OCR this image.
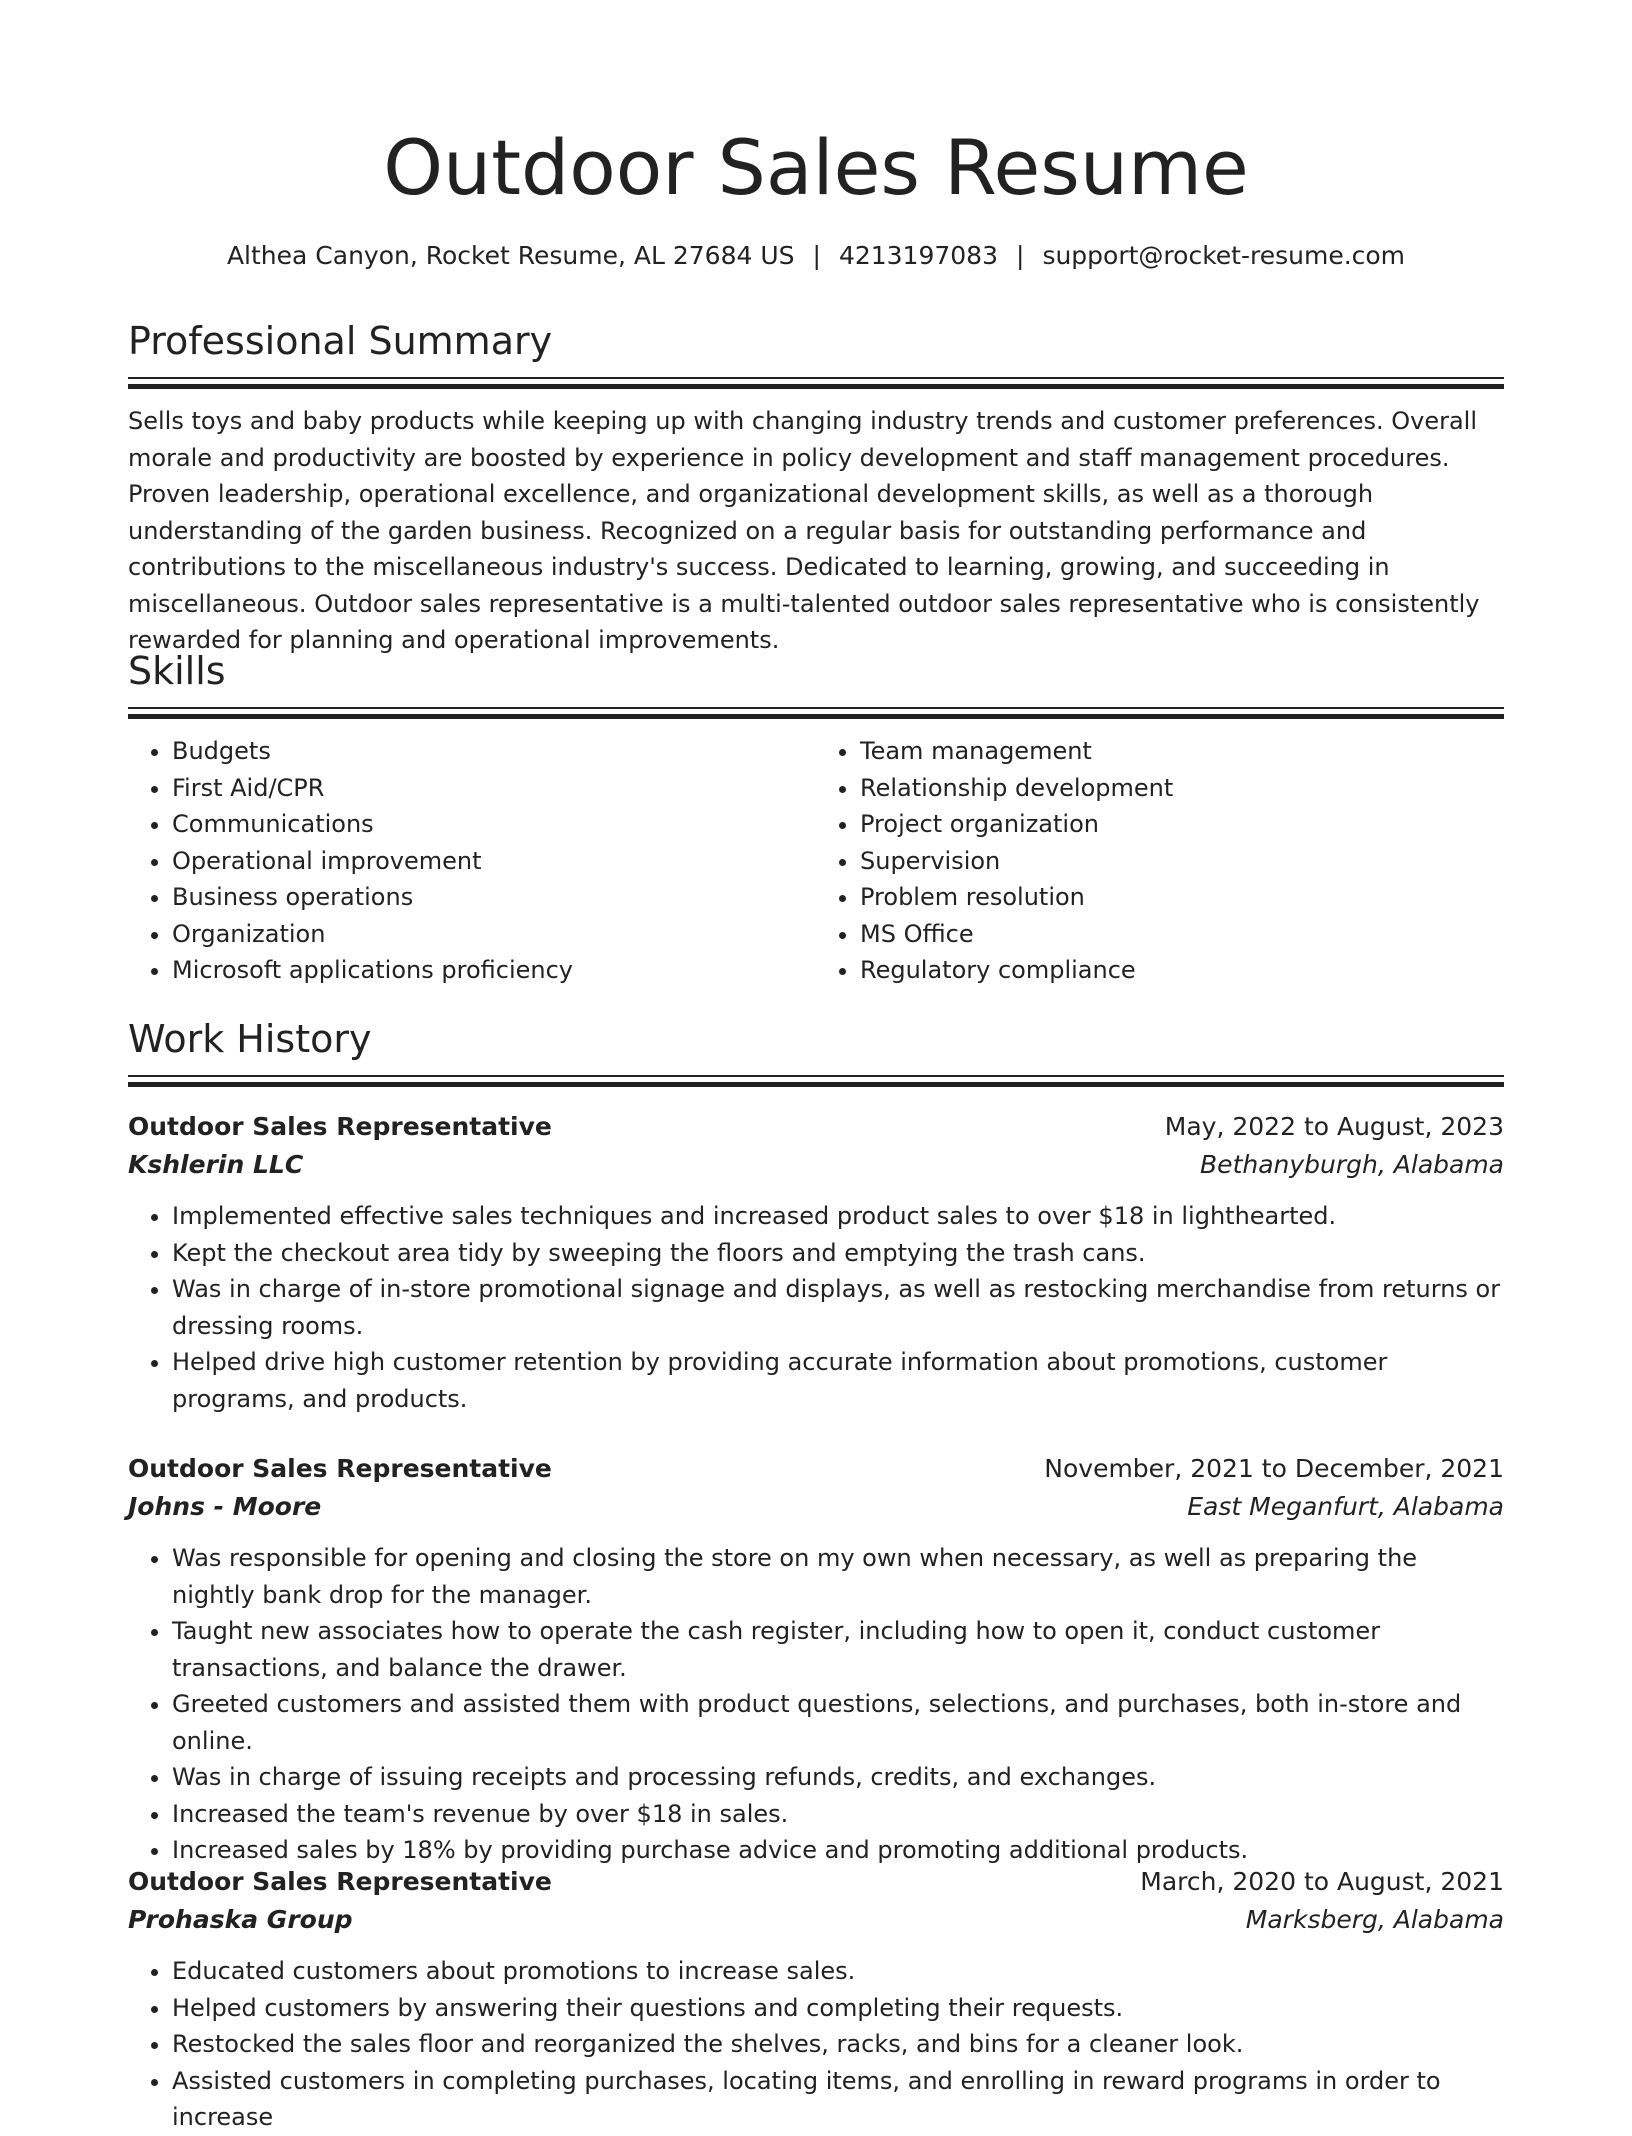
Outdoor Sales Resume
Althea Canyon, Rocket Resume, AL 27684 US | 4213197083 | support@rocket-resume.com
Professional Summary
Sells toys and baby products while keeping up with changing industry trends and customer preferences. Overall morale and productivity are boosted by experience in policy development and staff management procedures. Proven leadership, operational excellence, and organizational development skills, as well as a thorough understanding of the garden business. Recognized on a regular basis for outstanding performance and contributions to the miscellaneous industry's success. Dedicated to learning, growing, and succeeding in miscellaneous. Outdoor sales representative is a multi-talented outdoor sales representative who is consistently rewarded for planning and operational improvements.
Skills
• Budgets
• First Aid/CPR
• Communications
• Operational improvement
• Business operations
• Organization
• Microsoft applications proficiency
• Team management
• Relationship development
• Project organization
• Supervision
• Problem resolution
• MS Office
• Regulatory compliance
Work History
Outdoor Sales Representative	May, 2022 to August, 2023
Kshlerin LLC	Bethanyburgh, Alabama
• Implemented effective sales techniques and increased product sales to over $18 in lighthearted.
• Kept the checkout area tidy by sweeping the floors and emptying the trash cans.
• Was in charge of in-store promotional signage and displays, as well as restocking merchandise from returns or dressing rooms.
• Helped drive high customer retention by providing accurate information about promotions, customer programs, and products.
Outdoor Sales Representative	November, 2021 to December, 2021
Johns - Moore	East Meganfurt, Alabama
• Was responsible for opening and closing the store on my own when necessary, as well as preparing the nightly bank drop for the manager.
• Taught new associates how to operate the cash register, including how to open it, conduct customer transactions, and balance the drawer.
• Greeted customers and assisted them with product questions, selections, and purchases, both in-store and online.
• Was in charge of issuing receipts and processing refunds, credits, and exchanges.
• Increased the team's revenue by over $18 in sales.
• Increased sales by 18% by providing purchase advice and promoting additional products.
Outdoor Sales Representative	March, 2020 to August, 2021
Prohaska Group	Marksberg, Alabama
• Educated customers about promotions to increase sales.
• Helped customers by answering their questions and completing their requests.
• Restocked the sales floor and reorganized the shelves, racks, and bins for a cleaner look.
• Assisted customers in completing purchases, locating items, and enrolling in reward programs in order to increase
